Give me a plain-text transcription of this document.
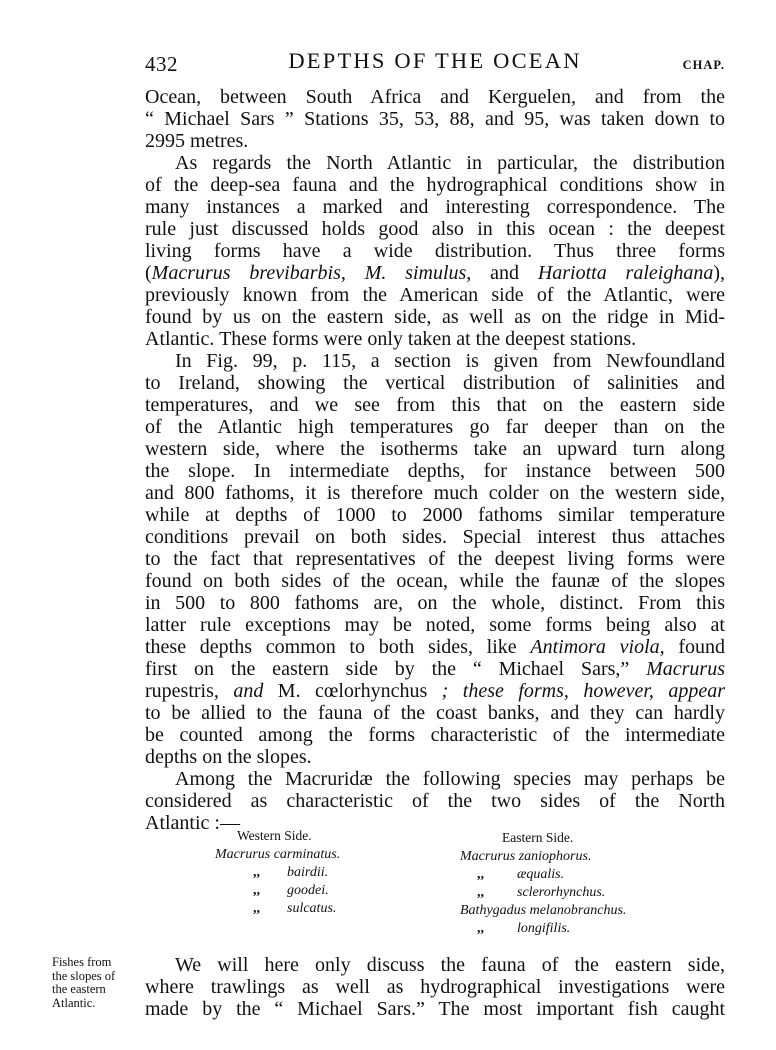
432	DEPTHS OF THE OCEAN	CHAP.
Ocean, between South Africa and Kerguelen, and from the
“ Michael Sars ” Stations 35, 53, 88, and 95, was taken down to
2995 metres.
As regards the North Atlantic in particular, the distribution
of the deep-sea fauna and the hydrographical conditions show in
many instances a marked and interesting correspondence. The
rule just discussed holds good also in this ocean : the deepest
living forms have a wide distribution. Thus three forms
(Macrurus brevibarbis, M. simulus, and Hariotta raleighana),
previously known from the American side of the Atlantic, were
found by us on the eastern side, as well as on the ridge in Mid-
Atlantic. These forms were only taken at the deepest stations.
In Fig. 99, p. 115, a section is given from Newfoundland
to Ireland, showing the vertical distribution of salinities and
temperatures, and we see from this that on the eastern side
of the Atlantic high temperatures go far deeper than on the
western side, where the isotherms take an upward turn along
the slope. In intermediate depths, for instance between 500
and 800 fathoms, it is therefore much colder on the western side,
while at depths of 1000 to 2000 fathoms similar temperature
conditions prevail on both sides. Special interest thus attaches
to the fact that representatives of the deepest living forms were
found on both sides of the ocean, while the faunæ of the slopes
in 500 to 800 fathoms are, on the whole, distinct. From this
latter rule exceptions may be noted, some forms being also at
these depths common to both sides, like Antimora viola, found
first on the eastern side by the “ Michael Sars,” Macrurus
rupestris, and M. cœlorhynchus ; these forms, however, appear
to be allied to the fauna of the coast banks, and they can hardly
be counted among the forms characteristic of the intermediate
depths on the slopes.
Among the Macruridæ the following species may perhaps be
considered as characteristic of the two sides of the North
Atlantic :—
We will here only discuss the fauna of the eastern side,
where trawlings as well as hydrographical investigations were
made by the “ Michael Sars.” The most important fish caught
Western Side.
Macrurus carminatus.
,, bairdii.
,, goodei.
,, sulcatus.
Eastern Side.
Macrurus zaniophorus.
,, æqualis.
,, sclerorhynchus.
Bathygadus melanobranchus.
,, longifilis.
Fishes from
the slopes of
the eastern
Atlantic.
